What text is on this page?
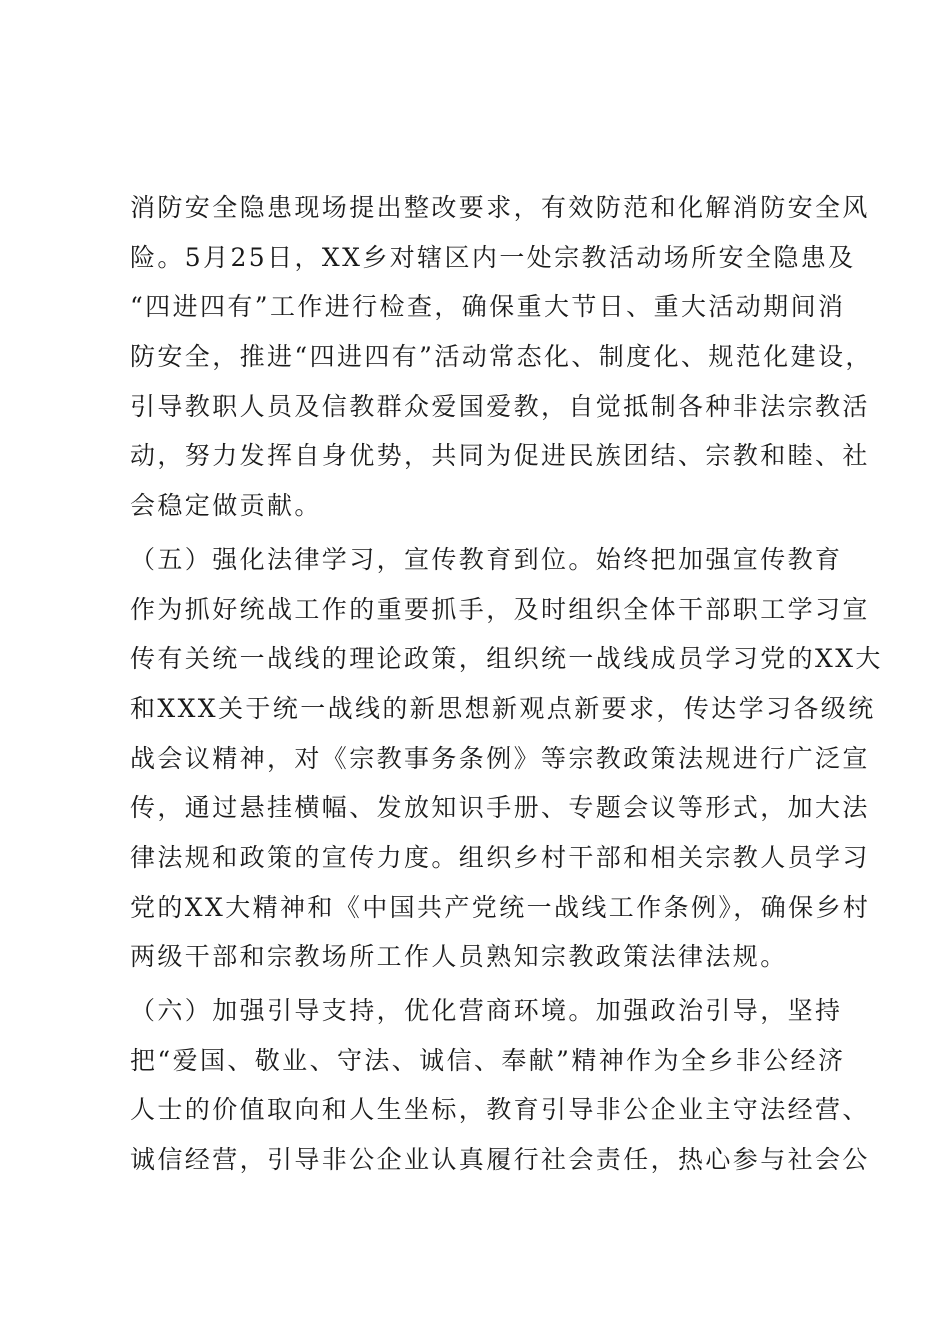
消防安全隐患现场提出整改要求，有效防范和化解消防安全风
险。5月25日，XX乡对辖区内一处宗教活动场所安全隐患及
“四进四有”工作进行检查，确保重大节日、重大活动期间消
防安全，推进“四进四有”活动常态化、制度化、规范化建设，
引导教职人员及信教群众爱国爱教，自觉抵制各种非法宗教活
动，努力发挥自身优势，共同为促进民族团结、宗教和睦、社
会稳定做贡献。
（五）强化法律学习，宣传教育到位。始终把加强宣传教育
作为抓好统战工作的重要抓手，及时组织全体干部职工学习宣
传有关统一战线的理论政策，组织统一战线成员学习党的XX大
和XXX关于统一战线的新思想新观点新要求，传达学习各级统
战会议精神，对《宗教事务条例》等宗教政策法规进行广泛宣
传，通过悬挂横幅、发放知识手册、专题会议等形式，加大法
律法规和政策的宣传力度。组织乡村干部和相关宗教人员学习
党的XX大精神和《中国共产党统一战线工作条例》，确保乡村
两级干部和宗教场所工作人员熟知宗教政策法律法规。
（六）加强引导支持，优化营商环境。加强政治引导，坚持
把“爱国、敬业、守法、诚信、奉献”精神作为全乡非公经济
人士的价值取向和人生坐标，教育引导非公企业主守法经营、
诚信经营，引导非公企业认真履行社会责任，热心参与社会公
